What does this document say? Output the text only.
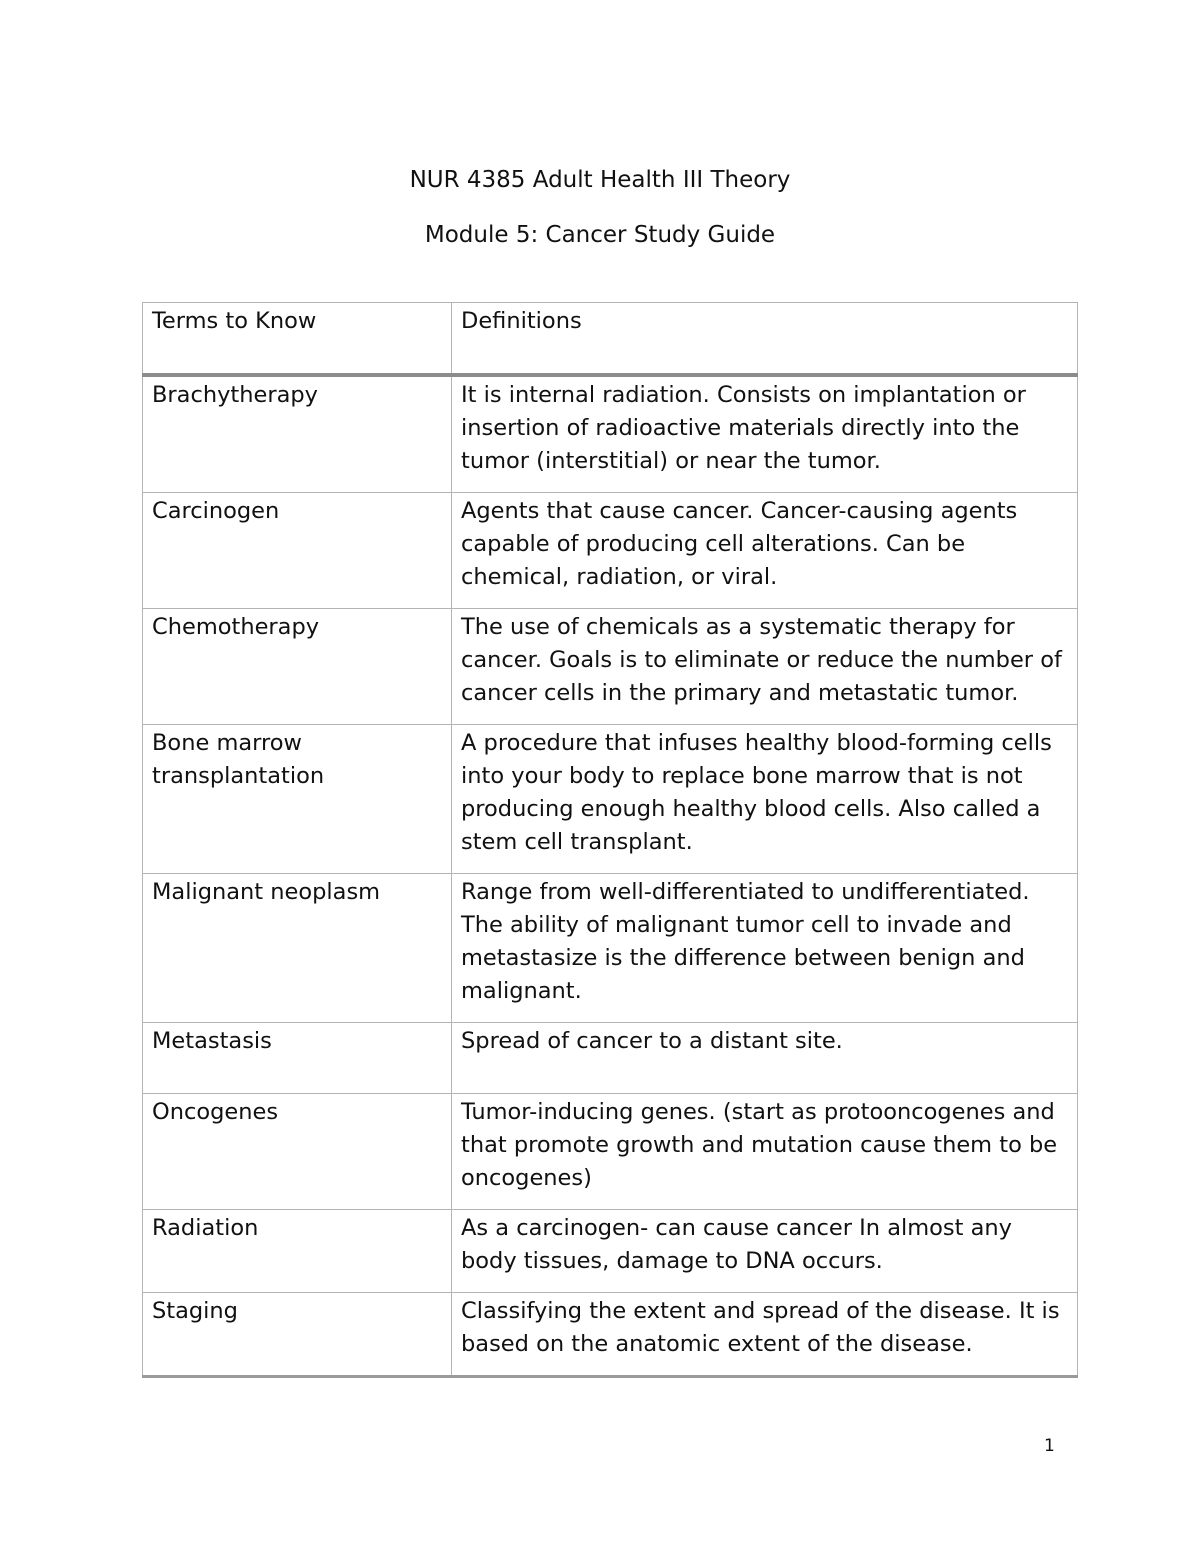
NUR 4385 Adult Health III Theory
Module 5: Cancer Study Guide
Terms to Know	Definitions
Brachytherapy	It is internal radiation. Consists on implantation or insertion of radioactive materials directly into the tumor (interstitial) or near the tumor.
Carcinogen	Agents that cause cancer. Cancer-causing agents capable of producing cell alterations. Can be chemical, radiation, or viral.
Chemotherapy	The use of chemicals as a systematic therapy for cancer. Goals is to eliminate or reduce the number of cancer cells in the primary and metastatic tumor.
Bone marrow transplantation	A procedure that infuses healthy blood-forming cells into your body to replace bone marrow that is not producing enough healthy blood cells. Also called a stem cell transplant.
Malignant neoplasm	Range from well-differentiated to undifferentiated. The ability of malignant tumor cell to invade and metastasize is the difference between benign and malignant.
Metastasis	Spread of cancer to a distant site.
Oncogenes	Tumor-inducing genes. (start as protooncogenes and that promote growth and mutation cause them to be oncogenes)
Radiation	As a carcinogen- can cause cancer In almost any body tissues, damage to DNA occurs.
Staging	Classifying the extent and spread of the disease. It is based on the anatomic extent of the disease.
1
